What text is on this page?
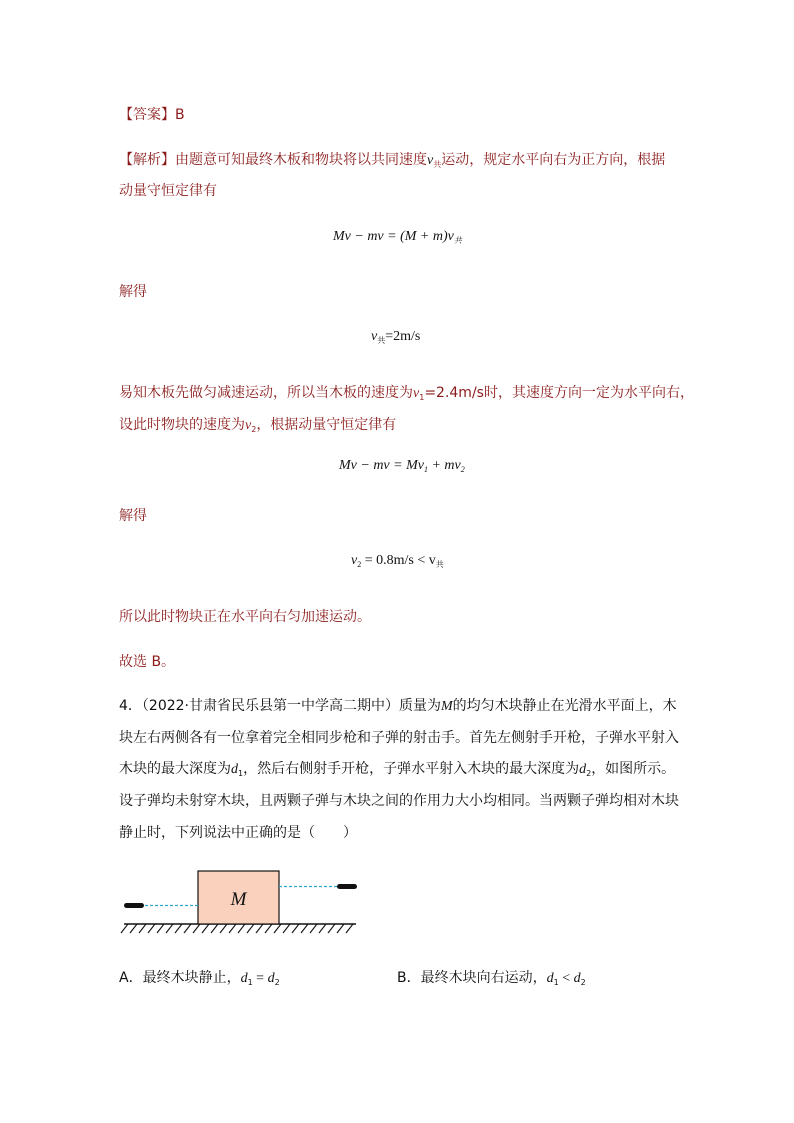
【答案】B
【解析】由题意可知最终木板和物块将以共同速度$v_共$运动，规定水平向右为正方向，根据
动量守恒定律有
Mv − mv = $(M + m)v_共$
解得
$v_共=2m/s$
易知木板先做匀减速运动，所以当木板的速度为$v_1=2.4m/s$时，其速度方向一定为水平向右，
设此时物块的速度为$v_2$，根据动量守恒定律有
Mv − mv = $Mv_1 + mv_2$
解得
$v_2 = 0.8m/s < v_共$
所以此时物块正在水平向右匀加速运动。
故选 B。
4．（2022·甘肃省民乐县第一中学高二期中）质量为M的均匀木块静止在光滑水平面上，木
块左右两侧各有一位拿着完全相同步枪和子弹的射击手。首先左侧射手开枪，子弹水平射入
木块的最大深度为$d_1$，然后右侧射手开枪，子弹水平射入木块的最大深度为$d_2$，如图所示。
设子弹均未射穿木块，且两颗子弹与木块之间的作用力大小均相同。当两颗子弹均相对木块
静止时，下列说法中正确的是（　　）
M
A．最终木块静止，$d_1 = d_2$	B．最终木块向右运动，$d_1 < d_2$
